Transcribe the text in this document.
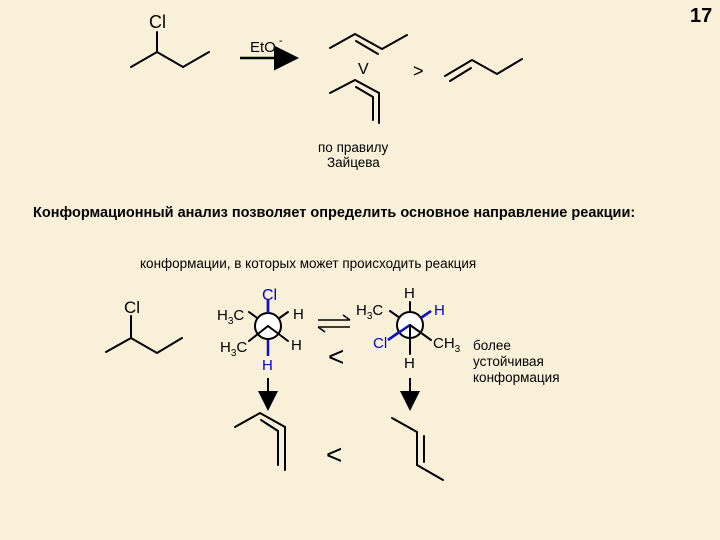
17
Cl
EtO -
V >
по правилу
Зайцева
Конформационный анализ позволяет определить основное направление реакции:
конформации, в которых может происходить реакция
Cl
Cl
$H_3C$	H
$H_3C$	H
H <
H
$H_3C$	H
Cl	$CH_3$
H
более
устойчивая
конформация
<
